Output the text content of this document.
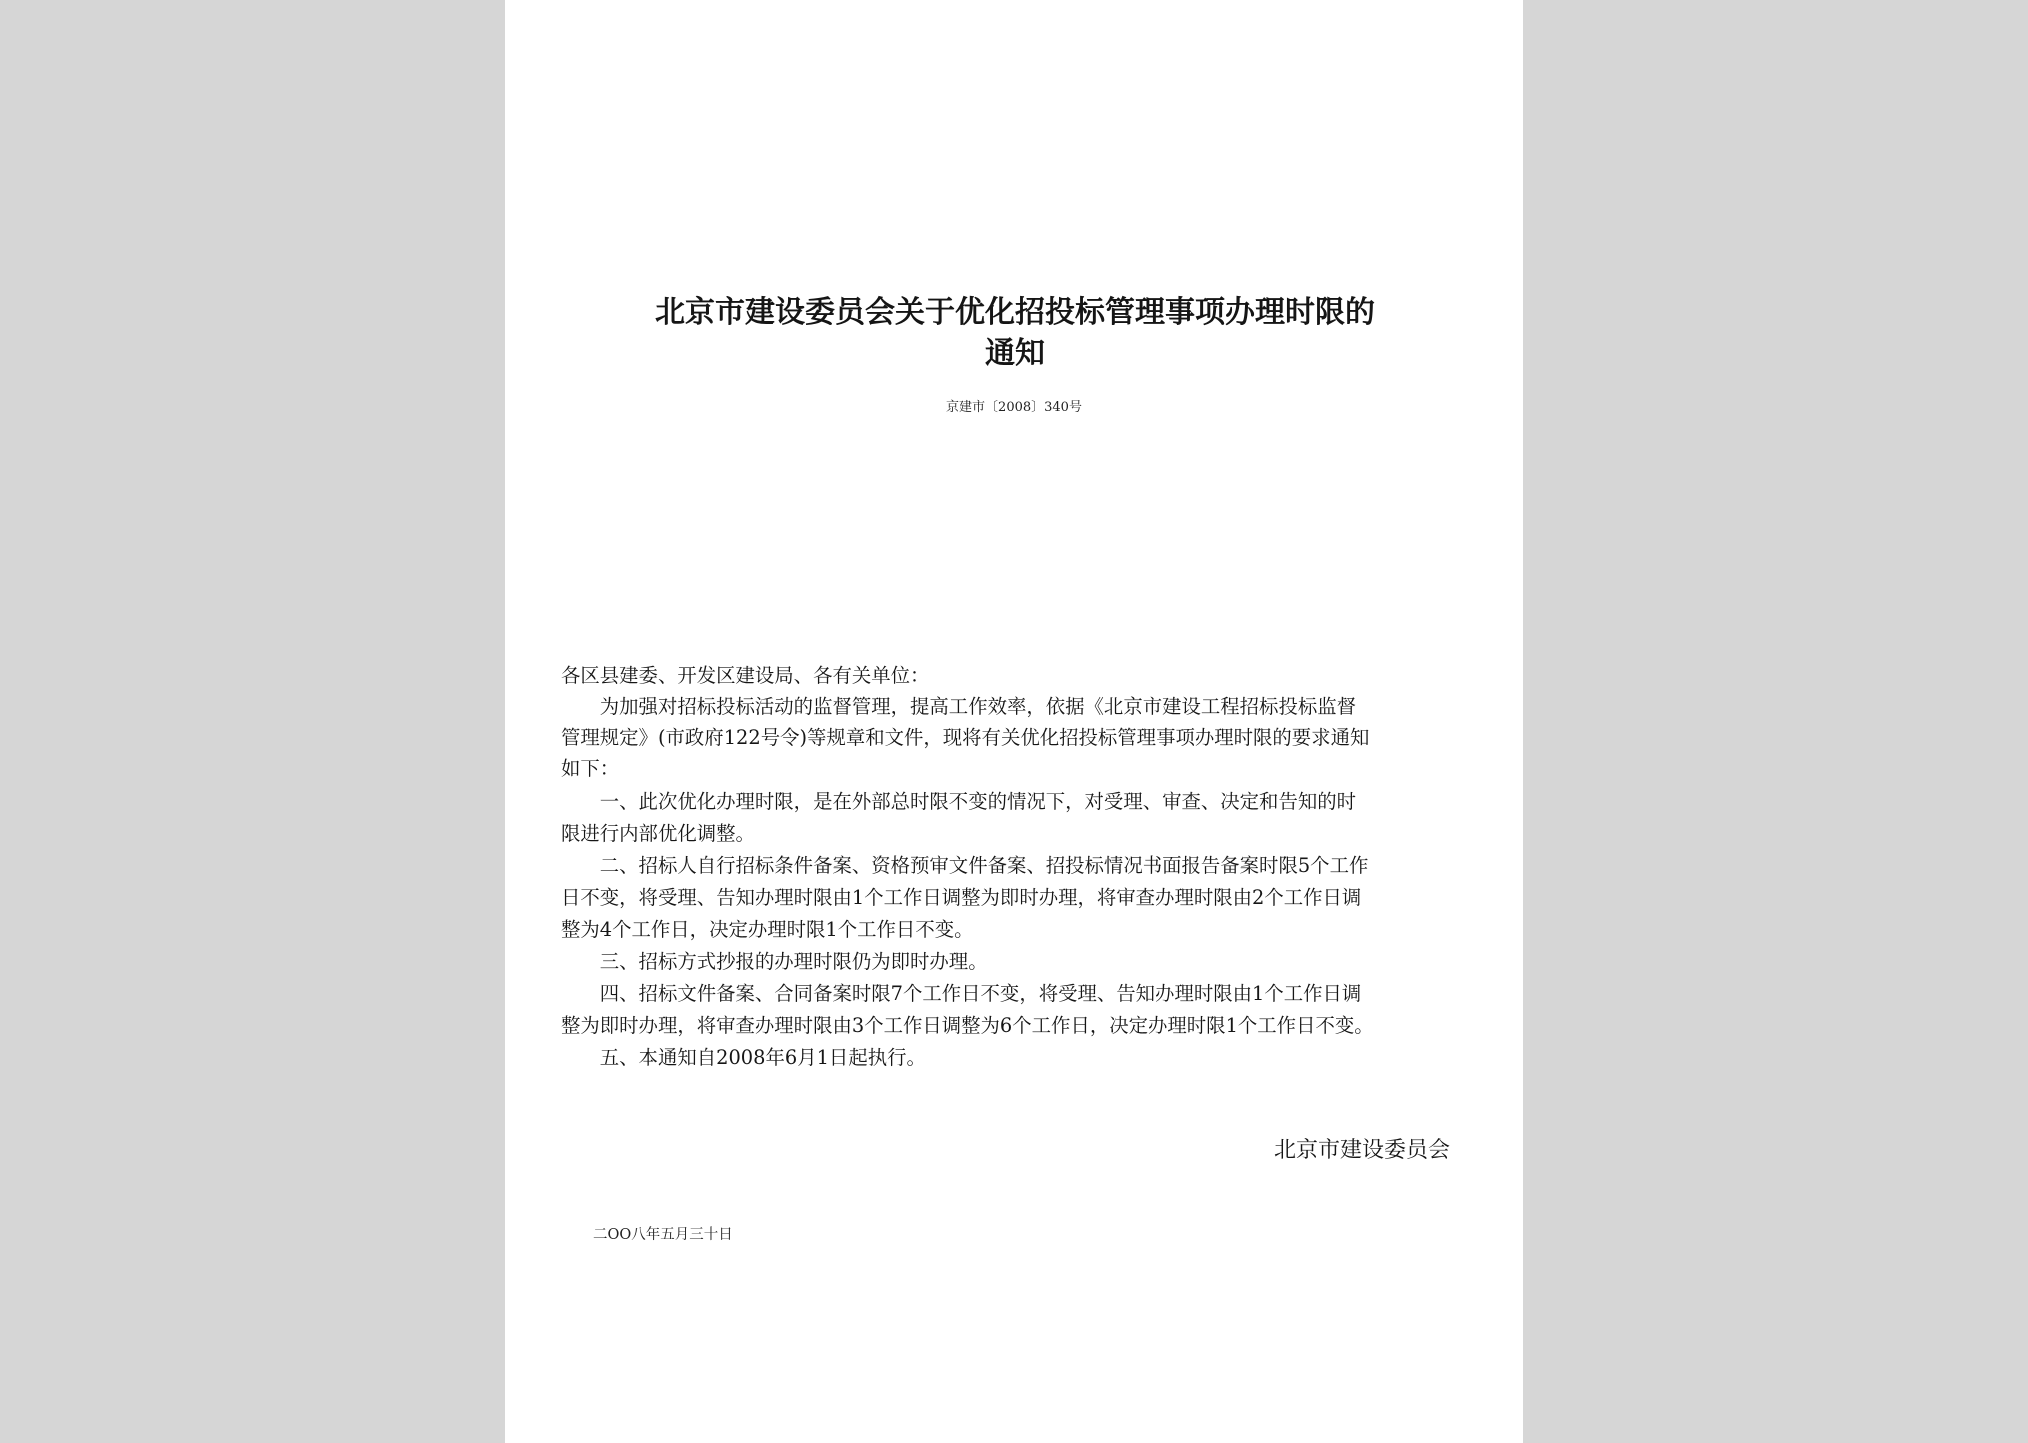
北京市建设委员会关于优化招投标管理事项办理时限的
通知
京建市〔2008〕340号
各区县建委、开发区建设局、各有关单位：
　　为加强对招标投标活动的监督管理，提高工作效率，依据《北京市建设工程招标投标监督
管理规定》(市政府122号令)等规章和文件，现将有关优化招投标管理事项办理时限的要求通知
如下：
　　一、此次优化办理时限，是在外部总时限不变的情况下，对受理、审查、决定和告知的时
限进行内部优化调整。
　　二、招标人自行招标条件备案、资格预审文件备案、招投标情况书面报告备案时限5个工作
日不变，将受理、告知办理时限由1个工作日调整为即时办理，将审查办理时限由2个工作日调
整为4个工作日，决定办理时限1个工作日不变。
　　三、招标方式抄报的办理时限仍为即时办理。
　　四、招标文件备案、合同备案时限7个工作日不变，将受理、告知办理时限由1个工作日调
整为即时办理，将审查办理时限由3个工作日调整为6个工作日，决定办理时限1个工作日不变。
　　五、本通知自2008年6月1日起执行。
北京市建设委员会
二OO八年五月三十日
